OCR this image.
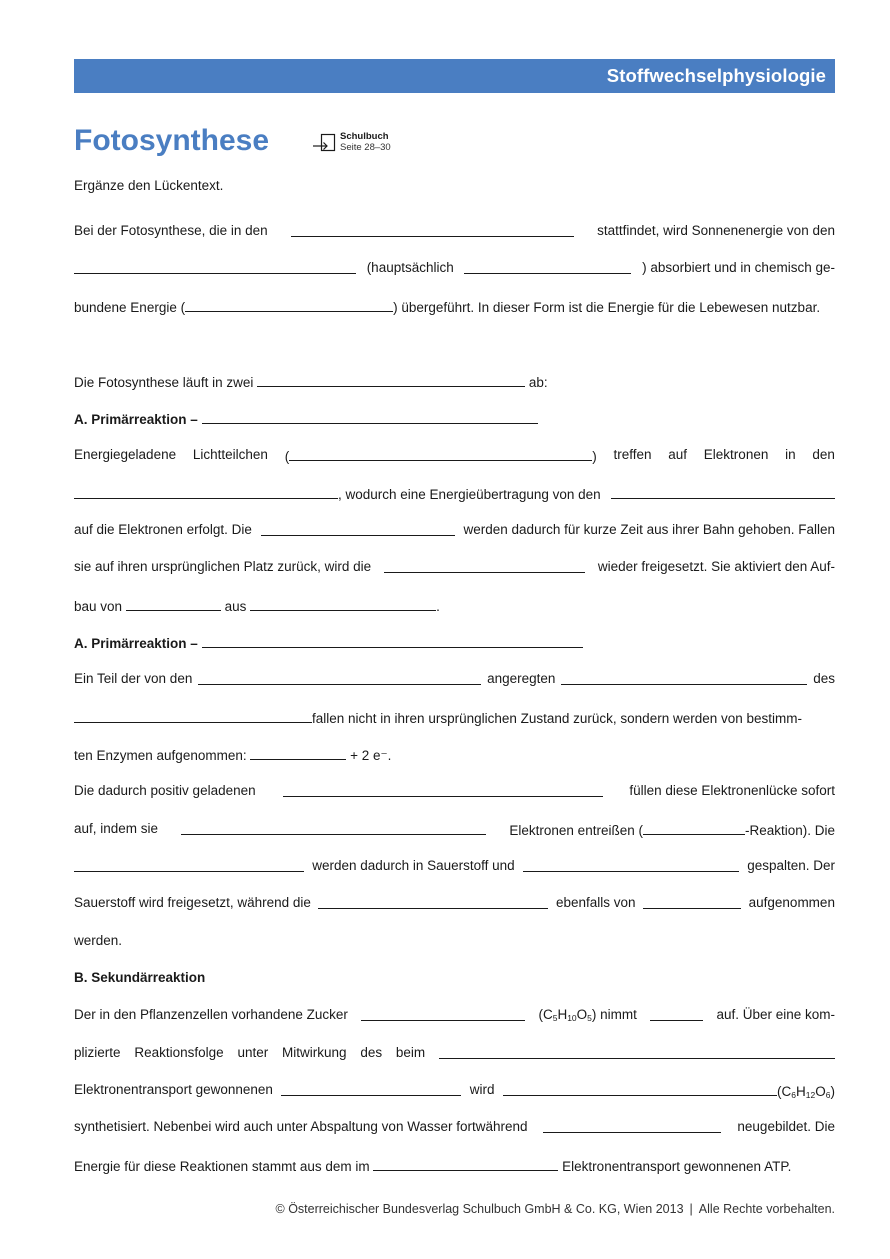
Stoffwechselphysiologie
Fotosynthese	Schulbuch
Seite 28–30
Ergänze den Lückentext.
Bei der Fotosynthese, die in den	stattfindet, wird Sonnenenergie von den
(hauptsächlich	) absorbiert und in chemisch ge-
bundene Energie (	) übergeführt. In dieser Form ist die Energie für die Lebewesen nutzbar.
Die Fotosynthese läuft in zwei	ab:
A. Primärreaktion –
Energiegeladene Lichtteilchen (	) treffen auf Elektronen in den
, wodurch eine Energieübertragung von den
auf die Elektronen erfolgt. Die	werden dadurch für kurze Zeit aus ihrer Bahn gehoben. Fallen
sie auf ihren ursprünglichen Platz zurück, wird die	wieder freigesetzt. Sie aktiviert den Auf-
bau von	aus	.
A. Primärreaktion –
Ein Teil der von den	angeregten	des
fallen nicht in ihren ursprünglichen Zustand zurück, sondern werden von bestimm-
ten Enzymen aufgenommen:	+ 2 e⁻.
Die dadurch positiv geladenen	füllen diese Elektronenlücke sofort
auf, indem sie	Elektronen entreißen (	-Reaktion). Die
werden dadurch in Sauerstoff und	gespalten. Der
Sauerstoff wird freigesetzt, während die	ebenfalls von	aufgenommen
werden.
B. Sekundärreaktion
Der in den Pflanzenzellen vorhandene Zucker	$(C_5H_{10}O_5)$ nimmt	auf. Über eine kom-
plizierte Reaktionsfolge unter Mitwirkung des beim
Elektronentransport gewonnenen	wird	$(C_6H_{12}O_6)$
synthetisiert. Nebenbei wird auch unter Abspaltung von Wasser fortwährend	neugebildet. Die
Energie für diese Reaktionen stammt aus dem im	Elektronentransport gewonnenen ATP.
© Österreichischer Bundesverlag Schulbuch GmbH & Co. KG, Wien 2013 | Alle Rechte vorbehalten.
